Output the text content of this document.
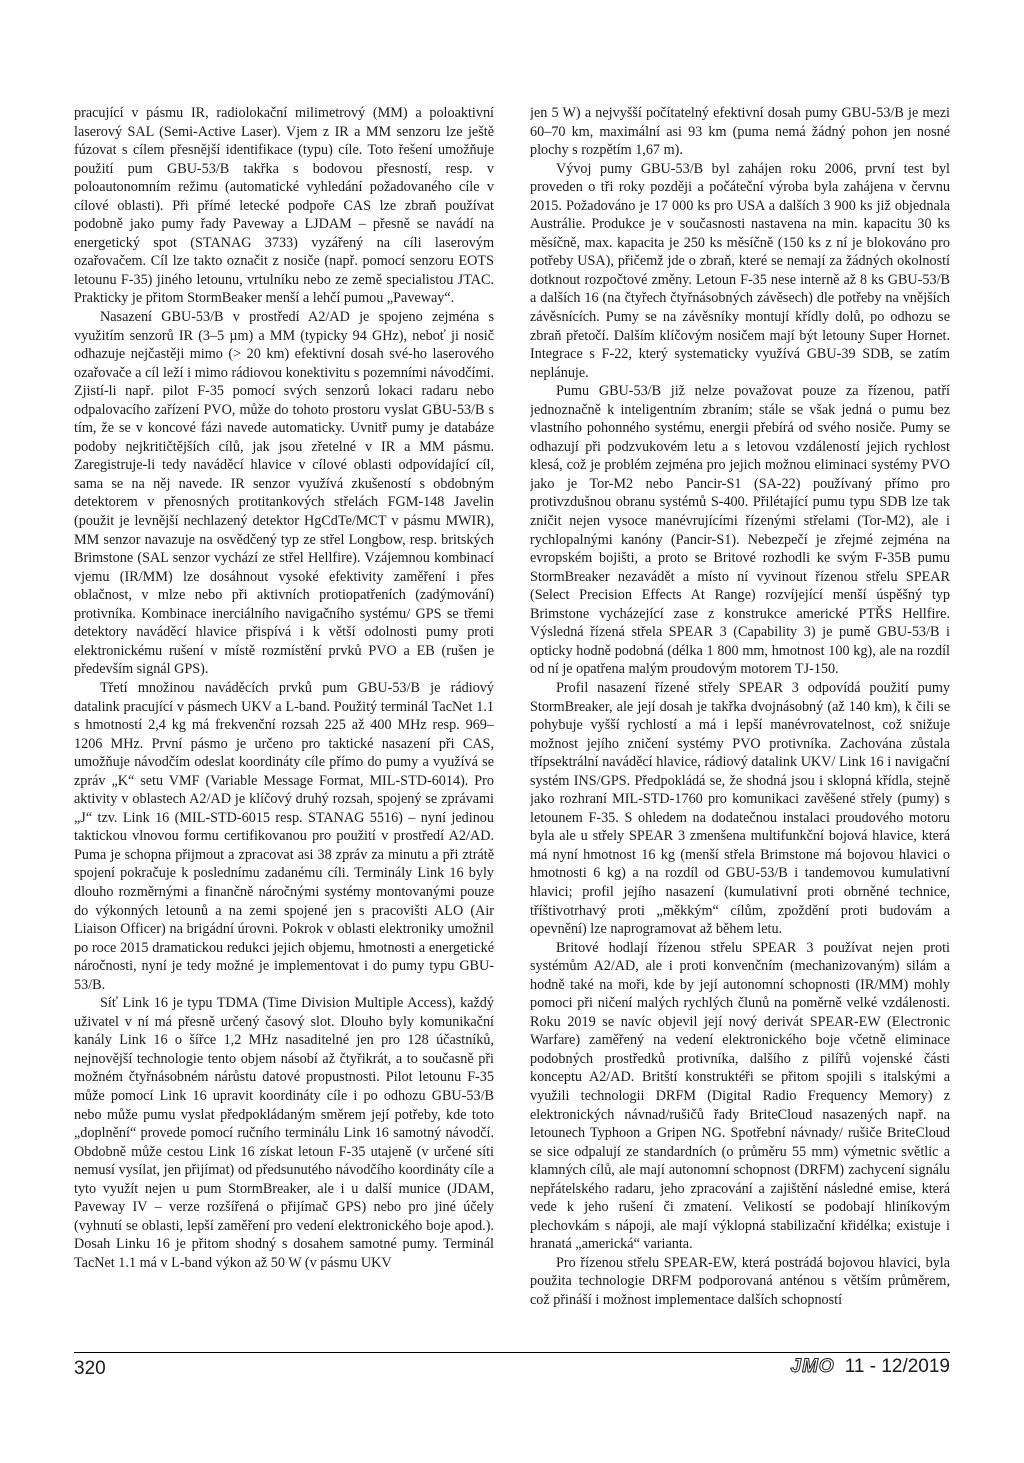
pracující v pásmu IR, radiolokační milimetrový (MM) a poloaktivní laserový SAL (Semi-Active Laser). Vjem z IR a MM senzoru lze ještě fúzovat s cílem přesnější identifikace (typu) cíle. Toto řešení umožňuje použití pum GBU-53/B takřka s bodovou přesností, resp. v poloautonomním režimu (automatické vyhledání požadovaného cíle v cílové oblasti). Při přímé letecké podpoře CAS lze zbraň používat podobně jako pumy řady Paveway a LJDAM – přesně se navádí na energetický spot (STANAG 3733) vyzářený na cíli laserovým ozařovačem. Cíl lze takto označit z nosiče (např. pomocí senzoru EOTS letounu F-35) jiného letounu, vrtulníku nebo ze země specialistou JTAC. Prakticky je přitom StormBeaker menší a lehčí pumou „Paveway“.

Nasazení GBU-53/B v prostředí A2/AD je spojeno zejména s využitím senzorů IR (3–5 µm) a MM (typicky 94 GHz), neboť ji nosič odhazuje nejčastěji mimo (> 20 km) efektivní dosah své-ho laserového ozařovače a cíl leží i mimo rádiovou konektivitu s pozemními návodčími. Zjistí-li např. pilot F-35 pomocí svých senzorů lokaci radaru nebo odpalovacího zařízení PVO, může do tohoto prostoru vyslat GBU-53/B s tím, že se v koncové fázi navede automaticky. Uvnitř pumy je databáze podoby nejkritičtějších cílů, jak jsou zřetelné v IR a MM pásmu. Zaregistruje-li tedy naváděcí hlavice v cílové oblasti odpovídající cíl, sama se na něj navede. IR senzor využívá zkušeností s obdobným detektorem v přenosných protitankových střelách FGM-148 Javelin (použit je levnější nechlazený detektor HgCdTe/MCT v pásmu MWIR), MM senzor navazuje na osvědčený typ ze střel Longbow, resp. britských Brimstone (SAL senzor vychází ze střel Hellfire). Vzájemnou kombinací vjemu (IR/MM) lze dosáhnout vysoké efektivity zaměření i přes oblačnost, v mlze nebo při aktivních protiopatřeních (zadýmování) protivníka. Kombinace inerciálního navigačního systému/ GPS se třemi detektory naváděcí hlavice přispívá i k větší odolnosti pumy proti elektronickému rušení v místě rozmístění prvků PVO a EB (rušen je především signál GPS).

Třetí množinou naváděcích prvků pum GBU-53/B je rádiový datalink pracující v pásmech UKV a L-band. Použitý terminál TacNet 1.1 s hmotností 2,4 kg má frekvenční rozsah 225 až 400 MHz resp. 969–1206 MHz. První pásmo je určeno pro taktické nasazení při CAS, umožňuje návodčím odeslat koordináty cíle přímo do pumy a využívá se zpráv „K“ setu VMF (Variable Message Format, MIL-STD-6014). Pro aktivity v oblastech A2/AD je klíčový druhý rozsah, spojený se zprávami „J“ tzv. Link 16 (MIL-STD-6015 resp. STANAG 5516) – nyní jedinou taktickou vlnovou formu certifikovanou pro použití v prostředí A2/AD. Puma je schopna přijmout a zpracovat asi 38 zpráv za minutu a při ztrátě spojení pokračuje k poslednímu zadanému cíli. Terminály Link 16 byly dlouho rozměrnými a finančně náročnými systémy montovanými pouze do výkonných letounů a na zemi spojené jen s pracovišti ALO (Air Liaison Officer) na brigádní úrovni. Pokrok v oblasti elektroniky umožnil po roce 2015 dramatickou redukci jejich objemu, hmotnosti a energetické náročnosti, nyní je tedy možné je implementovat i do pumy typu GBU-53/B.

Síť Link 16 je typu TDMA (Time Division Multiple Access), každý uživatel v ní má přesně určený časový slot. Dlouho byly komunikační kanály Link 16 o šířce 1,2 MHz nasaditelné jen pro 128 účastníků, nejnovější technologie tento objem násobí až čtyřikrát, a to současně při možném čtyřnásobném nárůstu datové propustnosti. Pilot letounu F-35 může pomocí Link 16 upravit koordináty cíle i po odhozu GBU-53/B nebo může pumu vyslat předpokládaným směrem její potřeby, kde toto „doplnění“ provede pomocí ručního terminálu Link 16 samotný návodčí. Obdobně může cestou Link 16 získat letoun F-35 utajeně (v určené síti nemusí vysílat, jen přijímat) od předsunutého návodčího koordináty cíle a tyto využít nejen u pum StormBreaker, ale i u další munice (JDAM, Paveway IV – verze rozšířená o přijímač GPS) nebo pro jiné účely (vyhnutí se oblasti, lepší zaměření pro vedení elektronického boje apod.). Dosah Linku 16 je přitom shodný s dosahem samotné pumy. Terminál TacNet 1.1 má v L-band výkon až 50 W (v pásmu UKV

jen 5 W) a nejvyšší počítatelný efektivní dosah pumy GBU-53/B je mezi 60–70 km, maximální asi 93 km (puma nemá žádný pohon jen nosné plochy s rozpětím 1,67 m).

Vývoj pumy GBU-53/B byl zahájen roku 2006, první test byl proveden o tři roky později a počáteční výroba byla zahájena v červnu 2015. Požadováno je 17 000 ks pro USA a dalších 3 900 ks již objednala Austrálie. Produkce je v současnosti nastavena na min. kapacitu 30 ks měsíčně, max. kapacita je 250 ks měsíčně (150 ks z ní je blokováno pro potřeby USA), přičemž jde o zbraň, které se nemají za žádných okolností dotknout rozpočtové změny. Letoun F-35 nese interně až 8 ks GBU-53/B a dalších 16 (na čtyřech čtyřnásobných závěsech) dle potřeby na vnějších závěsnících. Pumy se na závěsníky montují křídly dolů, po odhozu se zbraň přetočí. Dalším klíčovým nosičem mají být letouny Super Hornet. Integrace s F-22, který systematicky využívá GBU-39 SDB, se zatím neplánuje.

Pumu GBU-53/B již nelze považovat pouze za řízenou, patří jednoznačně k inteligentním zbraním; stále se však jedná o pumu bez vlastního pohonného systému, energii přebírá od svého nosiče. Pumy se odhazují při podzvukovém letu a s letovou vzdáleností jejich rychlost klesá, což je problém zejména pro jejich možnou eliminaci systémy PVO jako je Tor-M2 nebo Pancir-S1 (SA-22) používaný přímo pro protivzdušnou obranu systémů S-400. Přilétající pumu typu SDB lze tak zničit nejen vysoce manévrujícími řízenými střelami (Tor-M2), ale i rychlopalnými kanóny (Pancir-S1). Nebezpečí je zřejmé zejména na evropském bojišti, a proto se Britové rozhodli ke svým F-35B pumu StormBreaker nezavádět a místo ní vyvinout řízenou střelu SPEAR (Select Precision Effects At Range) rozvíjející menší úspěšný typ Brimstone vycházející zase z konstrukce americké PTŘS Hellfire. Výsledná řízená střela SPEAR 3 (Capability 3) je pumě GBU-53/B i opticky hodně podobná (délka 1 800 mm, hmotnost 100 kg), ale na rozdíl od ní je opatřena malým proudovým motorem TJ-150.

Profil nasazení řízené střely SPEAR 3 odpovídá použití pumy StormBreaker, ale její dosah je takřka dvojnásobný (až 140 km), k čili se pohybuje vyšší rychlostí a má i lepší manévrovatelnost, což snižuje možnost jejího zničení systémy PVO protivníka. Zachována zůstala třípsektrální naváděcí hlavice, rádiový datalink UKV/ Link 16 i navigační systém INS/GPS. Předpokládá se, že shodná jsou i sklopná křídla, stejně jako rozhraní MIL-STD-1760 pro komunikaci zavěšené střely (pumy) s letounem F-35. S ohledem na dodatečnou instalaci proudového motoru byla ale u střely SPEAR 3 zmenšena multifunkční bojová hlavice, která má nyní hmotnost 16 kg (menší střela Brimstone má bojovou hlavici o hmotnosti 6 kg) a na rozdíl od GBU-53/B i tandemovou kumulativní hlavici; profil jejího nasazení (kumulativní proti obrněné technice, tříštivotrhavý proti „měkkým“ cílům, zpoždění proti budovám a opevnění) lze naprogramovat až během letu.

Britové hodlají řízenou střelu SPEAR 3 používat nejen proti systémům A2/AD, ale i proti konvenčním (mechanizovaným) silám a hodně také na moři, kde by její autonomní schopnosti (IR/MM) mohly pomoci při ničení malých rychlých člunů na poměrně velké vzdálenosti. Roku 2019 se navíc objevil její nový derivát SPEAR-EW (Electronic Warfare) zaměřený na vedení elektronického boje včetně eliminace podobných prostředků protivníka, dalšího z pilířů vojenské části konceptu A2/AD. Britští konstruktéři se přitom spojili s italskými a využili technologii DRFM (Digital Radio Frequency Memory) z elektronických návnad/rušičů řady BriteCloud nasazených např. na letounech Typhoon a Gripen NG. Spotřební návnady/ rušiče BriteCloud se sice odpalují ze standardních (o průměru 55 mm) výmetnic světlic a klamných cílů, ale mají autonomní schopnost (DRFM) zachycení signálu nepřátelského radaru, jeho zpracování a zajištění následné emise, která vede k jeho rušení či zmatení. Velikostí se podobají hliníkovým plechovkám s nápoji, ale mají výklopná stabilizační křidélka; existuje i hranatá „americká“ varianta.

Pro řízenou střelu SPEAR-EW, která postrádá bojovou hlavici, byla použita technologie DRFM podporovaná anténou s větším průměrem, což přináší i možnost implementace dalších schopností

320	JMO 11 - 12/2019
